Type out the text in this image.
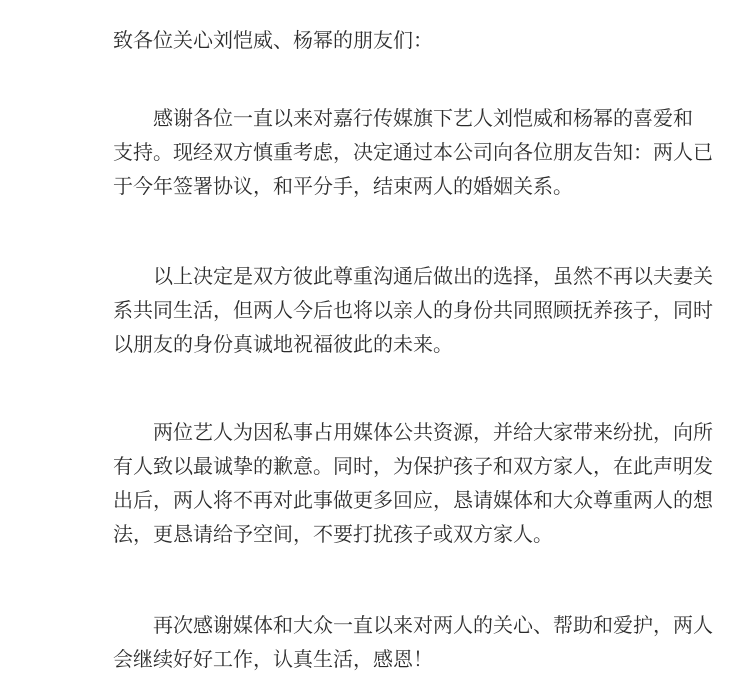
致各位关心刘恺威、杨幂的朋友们：
　　感谢各位一直以来对嘉行传媒旗下艺人刘恺威和杨幂的喜爱和
支持。现经双方慎重考虑，决定通过本公司向各位朋友告知：两人已
于今年签署协议，和平分手，结束两人的婚姻关系。
　　以上决定是双方彼此尊重沟通后做出的选择，虽然不再以夫妻关
系共同生活，但两人今后也将以亲人的身份共同照顾抚养孩子，同时
以朋友的身份真诚地祝福彼此的未来。
　　两位艺人为因私事占用媒体公共资源，并给大家带来纷扰，向所
有人致以最诚挚的歉意。同时，为保护孩子和双方家人，在此声明发
出后，两人将不再对此事做更多回应，恳请媒体和大众尊重两人的想
法，更恳请给予空间，不要打扰孩子或双方家人。
　　再次感谢媒体和大众一直以来对两人的关心、帮助和爱护，两人
会继续好好工作，认真生活，感恩！
